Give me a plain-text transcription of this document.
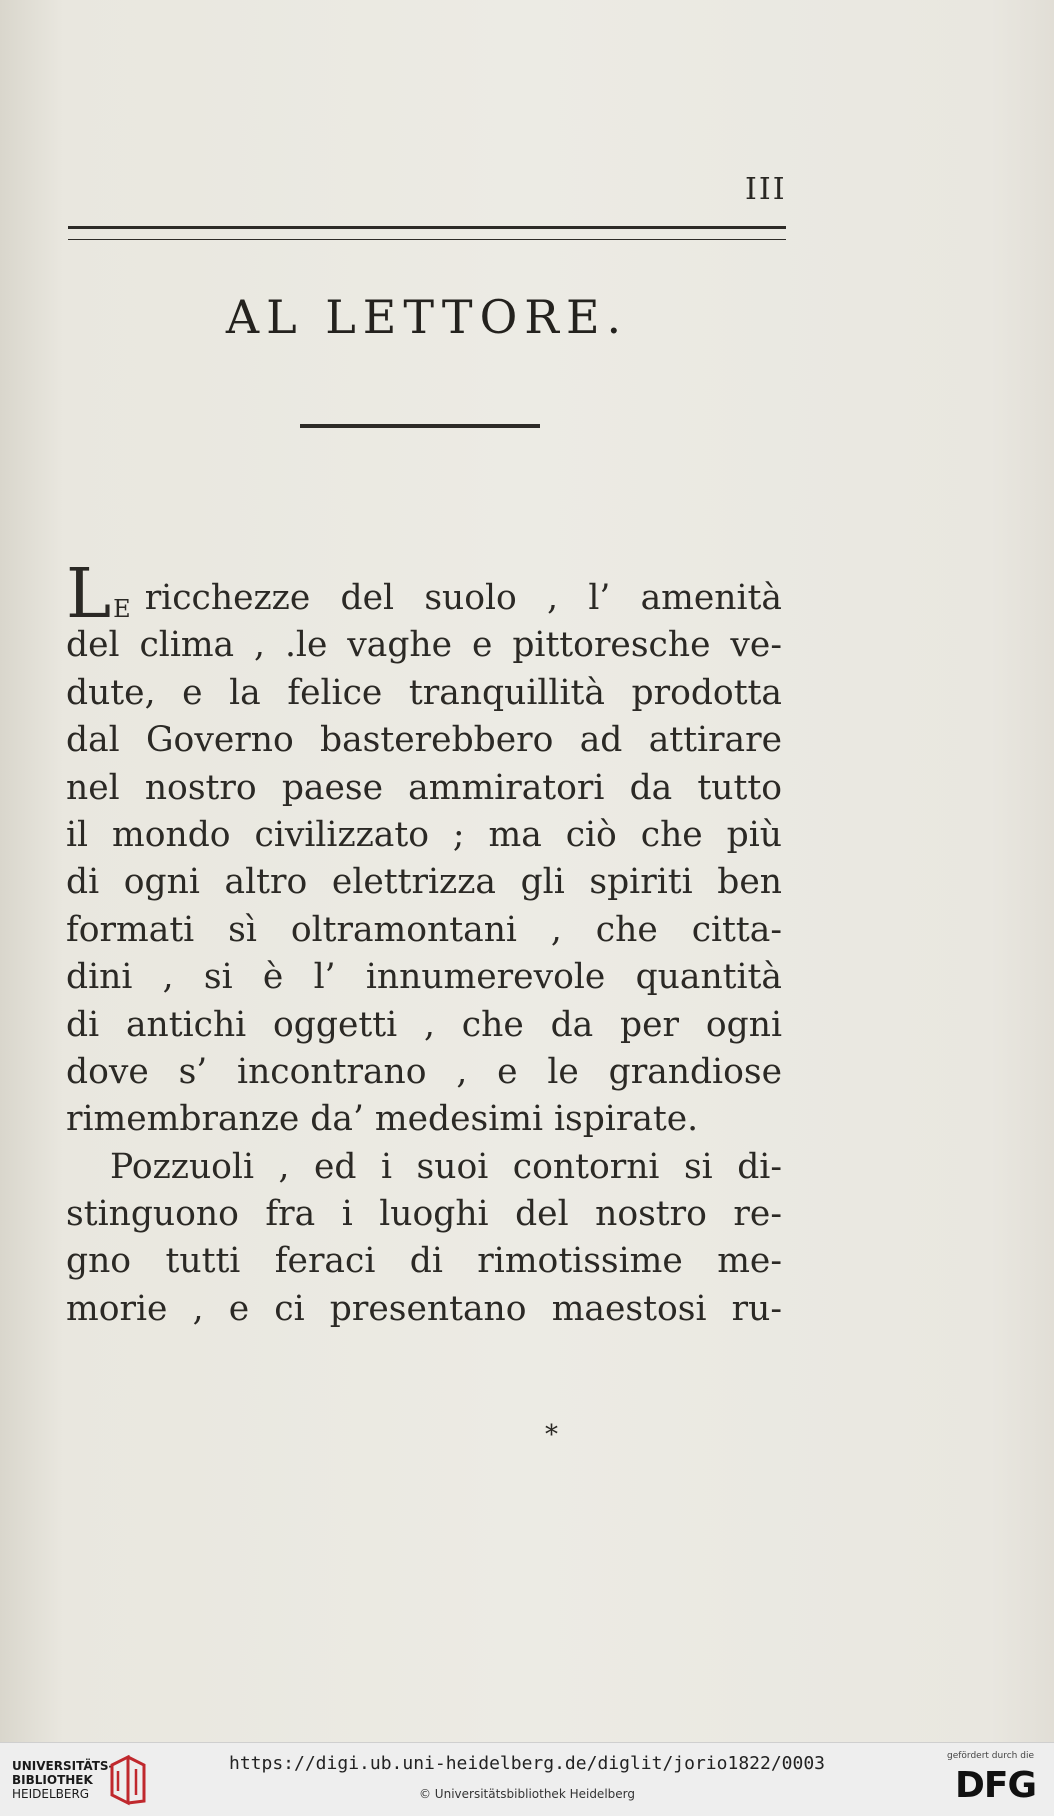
III
AL LETTORE.
LE ricchezze del suolo , l’ amenità
del clima , .le vaghe e pittoresche ve-
dute, e la felice tranquillità prodotta
dal Governo basterebbero ad attirare
nel nostro paese ammiratori da tutto
il mondo civilizzato ; ma ciò che più
di ogni altro elettrizza gli spiriti ben
formati sì oltramontani , che citta-
dini , si è l’ innumerevole quantità
di antichi oggetti , che da per ogni
dove s’ incontrano , e le grandiose
rimembranze da’ medesimi ispirate.
Pozzuoli , ed i suoi contorni si di-
stinguono fra i luoghi del nostro re-
gno tutti feraci di rimotissime me-
morie , e ci presentano maestosi ru-
*
UNIVERSITÄTS-
BIBLIOTHEK
HEIDELBERG
https://digi.ub.uni-heidelberg.de/diglit/jorio1822/0003
© Universitätsbibliothek Heidelberg
gefördert durch die
DFG
